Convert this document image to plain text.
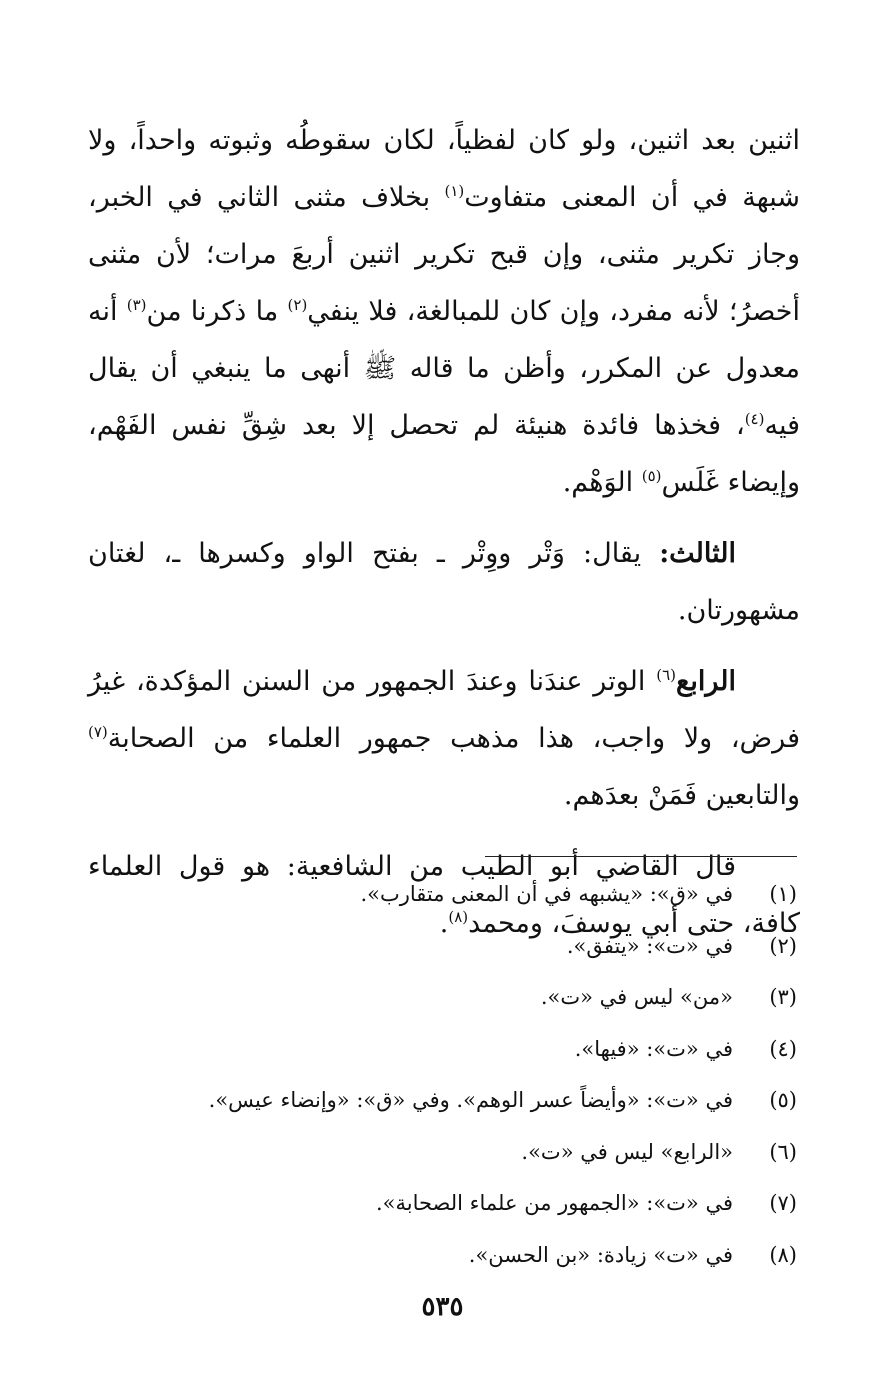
اثنين بعد اثنين، ولو كان لفظياً، لكان سقوطُه وثبوته واحداً، ولا شبهة في أن المعنى متفاوت$^{(١)}$ بخلاف مثنى الثاني في الخبر، وجاز تكرير مثنى، وإن قبح تكرير اثنين أربعَ مرات؛ لأن مثنى أخصرُ؛ لأنه مفرد، وإن كان للمبالغة، فلا ينفي$^{(٢)}$ ما ذكرنا من$^{(٣)}$ أنه معدول عن المكرر، وأظن ما قاله ﷺ أنهى ما ينبغي أن يقال فيه$^{(٤)}$، فخذها فائدة هنيئة لم تحصل إلا بعد شِقِّ نفس الفَهْم، وإيضاء غَلَس$^{(٥)}$ الوَهْم.

الثالث: يقال: وَتْر ووِتْر ـ بفتح الواو وكسرها ـ، لغتان مشهورتان.

الرابع$^{(٦)}$ الوتر عندَنا وعندَ الجمهور من السنن المؤكدة، غيرُ فرض، ولا واجب، هذا مذهب جمهور العلماء من الصحابة$^{(٧)}$ والتابعين فَمَنْ بعدَهم.

قال القاضي أبو الطيب من الشافعية: هو قول العلماء كافة، حتى أبي يوسفَ، ومحمد$^{(٨)}$.

(١)في «ق»: «يشبهه في أن المعنى متقارب».
(٢)في «ت»: «يتفق».
(٣)«من» ليس في «ت».
(٤)في «ت»: «فيها».
(٥)في «ت»: «وأيضاً عسر الوهم». وفي «ق»: «وإنضاء عيس».
(٦)«الرابع» ليس في «ت».
(٧)في «ت»: «الجمهور من علماء الصحابة».
(٨)في «ت» زيادة: «بن الحسن».
٥٣٥
